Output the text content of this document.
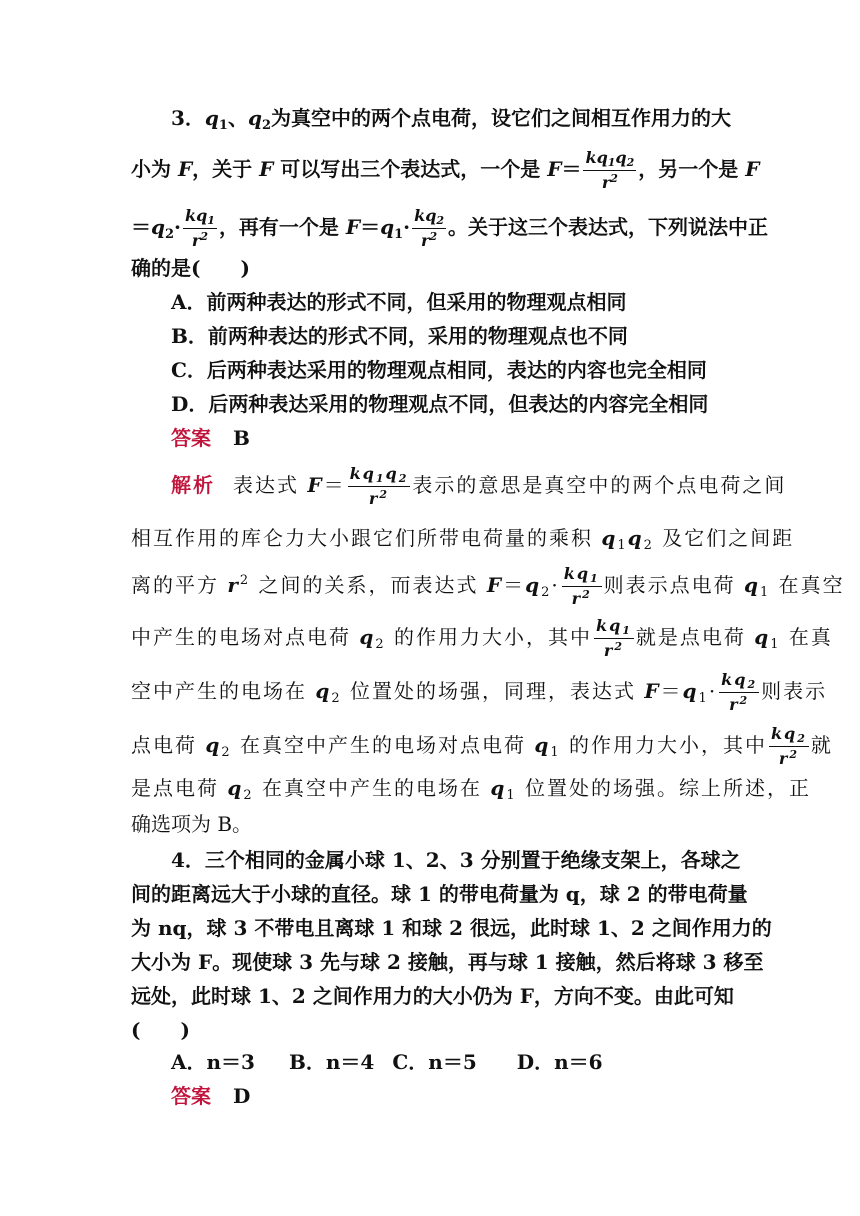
3．$q_1$、$q_2$为真空中的两个点电荷，设它们之间相互作用力的大
小为 F，关于 F 可以写出三个表达式，一个是 $F= \frac{kq_1q_2}{r^2}$ ，另一个是 F
$=q_2\cdot \frac{kq_1}{r^2}$ ，再有一个是 $F=q_1\cdot \frac{kq_2}{r^2}$ 。关于这三个表达式，下列说法中正
确的是(　　)
A．前两种表达的形式不同，但采用的物理观点相同
B．前两种表达的形式不同，采用的物理观点也不同
C．后两种表达采用的物理观点相同，表达的内容也完全相同
D．后两种表达采用的物理观点不同，但表达的内容完全相同
答案 B
解析 表达式 $F= \frac{kq_1q_2}{r^2}$ 表示的意思是真空中的两个点电荷之间
相互作用的库仑力大小跟它们所带电荷量的乘积 $q_1q_2$ 及它们之间距
离的平方 $r^2$ 之间的关系，而表达式 $F=q_2\cdot \frac{kq_1}{r^2}$ 则表示点电荷 $q_1$ 在真空
中产生的电场对点电荷 $q_2$ 的作用力大小，其中 $\frac{kq_1}{r^2}$ 就是点电荷 $q_1$ 在真
空中产生的电场在 $q_2$ 位置处的场强，同理，表达式 $F=q_1\cdot \frac{kq_2}{r^2}$ 则表示
点电荷 $q_2$ 在真空中产生的电场对点电荷 $q_1$ 的作用力大小，其中 $\frac{kq_2}{r^2}$ 就
是点电荷 $q_2$ 在真空中产生的电场在 $q_1$ 位置处的场强。综上所述，正
确选项为 B。
4．三个相同的金属小球 1、2、3 分别置于绝缘支架上，各球之
间的距离远大于小球的直径。球 1 的带电荷量为 q，球 2 的带电荷量
为 nq，球 3 不带电且离球 1 和球 2 很远，此时球 1、2 之间作用力的
大小为 F。现使球 3 先与球 2 接触，再与球 1 接触，然后将球 3 移至
远处，此时球 1、2 之间作用力的大小仍为 F，方向不变。由此可知
(　　)
A．n＝3 B．n＝4 C．n＝5 D．n＝6
答案 D
